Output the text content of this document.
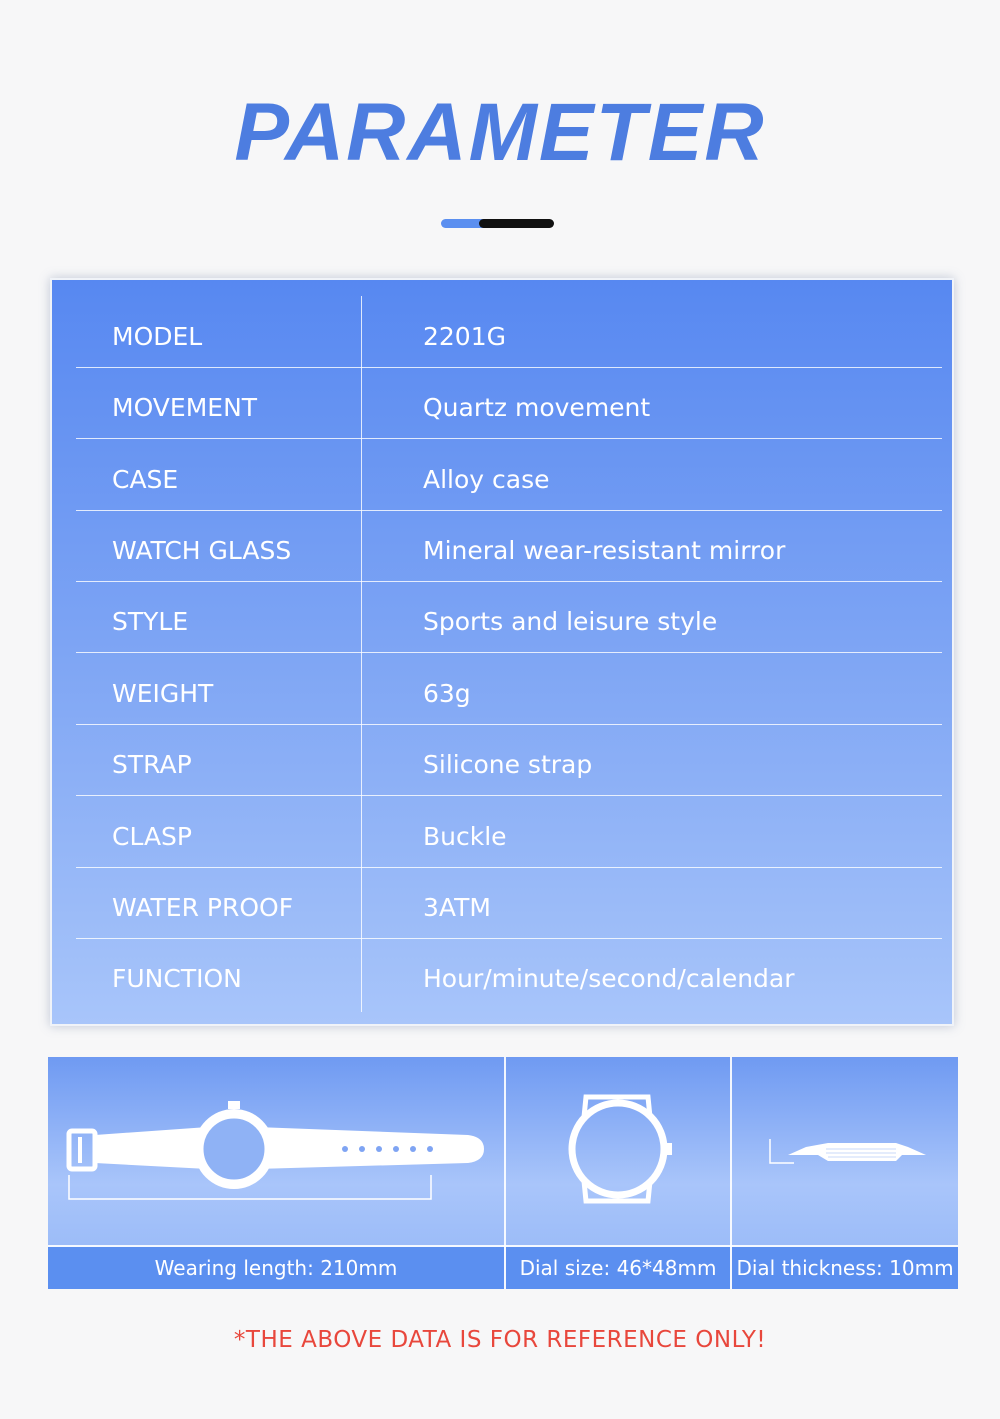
PARAMETER
MODEL	2201G
MOVEMENT	Quartz movement
CASE	Alloy case
WATCH GLASS	Mineral wear-resistant mirror
STYLE	Sports and leisure style
WEIGHT	63g
STRAP	Silicone strap
CLASP	Buckle
WATER PROOF	3ATM
FUNCTION	Hour/minute/second/calendar
Wearing length: 210mm	Dial size: 46*48mm	Dial thickness: 10mm
*THE ABOVE DATA IS FOR REFERENCE ONLY!
